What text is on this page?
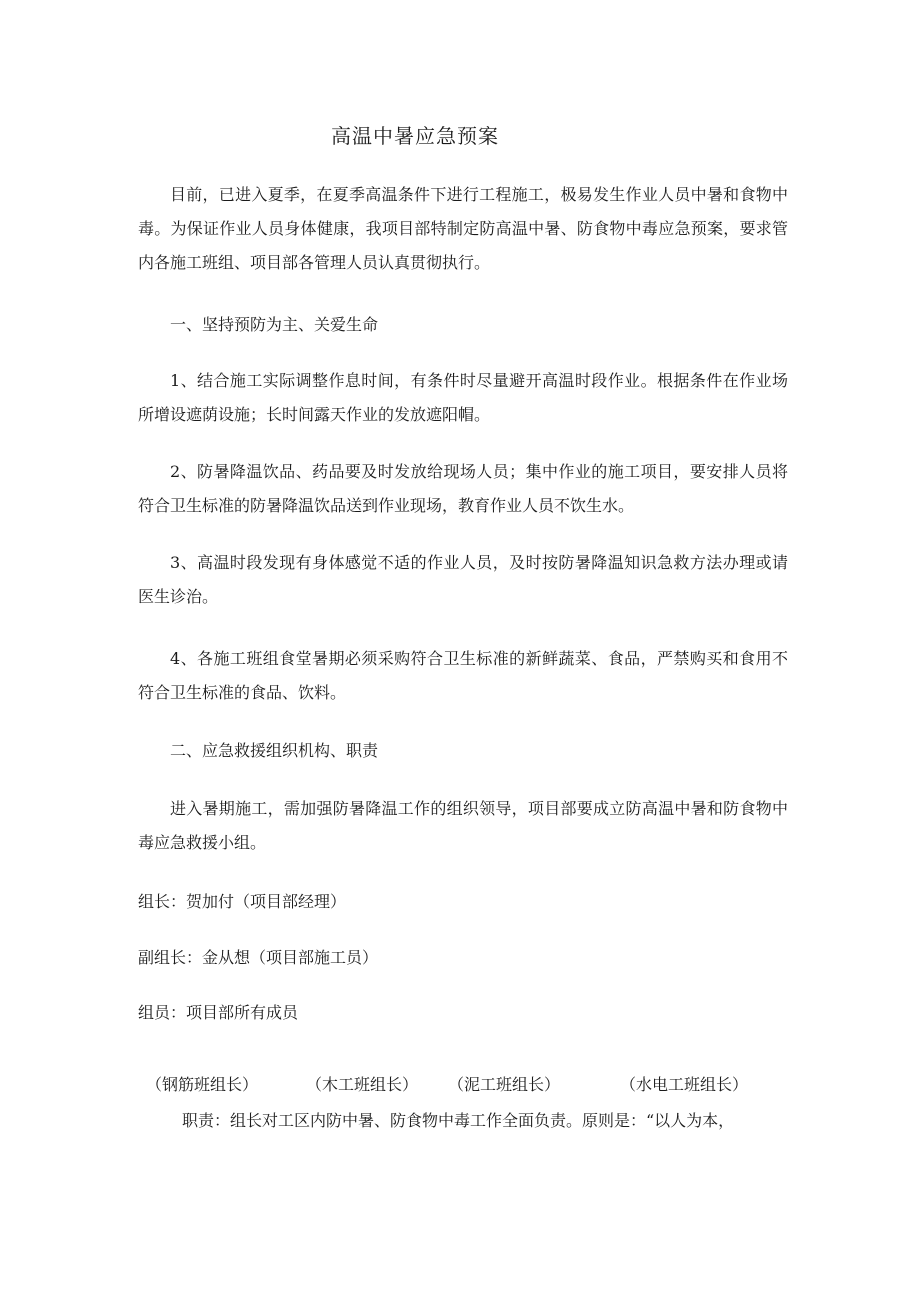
高温中暑应急预案

目前，已进入夏季，在夏季高温条件下进行工程施工，极易发生作业人员中暑和食物中毒。为保证作业人员身体健康，我项目部特制定防高温中暑、防食物中毒应急预案，要求管内各施工班组、项目部各管理人员认真贯彻执行。

一、坚持预防为主、关爱生命

1、结合施工实际调整作息时间，有条件时尽量避开高温时段作业。根据条件在作业场所增设遮荫设施；长时间露天作业的发放遮阳帽。

2、防暑降温饮品、药品要及时发放给现场人员；集中作业的施工项目，要安排人员将符合卫生标准的防暑降温饮品送到作业现场，教育作业人员不饮生水。

3、高温时段发现有身体感觉不适的作业人员，及时按防暑降温知识急救方法办理或请医生诊治。

4、各施工班组食堂暑期必须采购符合卫生标准的新鲜蔬菜、食品，严禁购买和食用不符合卫生标准的食品、饮料。

二、应急救援组织机构、职责

进入暑期施工，需加强防暑降温工作的组织领导，项目部要成立防高温中暑和防食物中毒应急救援小组。

组长：贺加付（项目部经理）

副组长：金从想（项目部施工员）

组员：项目部所有成员

（钢筋班组长）	（木工班组长） （泥工班组长）	（水电工班组长）

职责：组长对工区内防中暑、防食物中毒工作全面负责。原则是：“以人为本，
